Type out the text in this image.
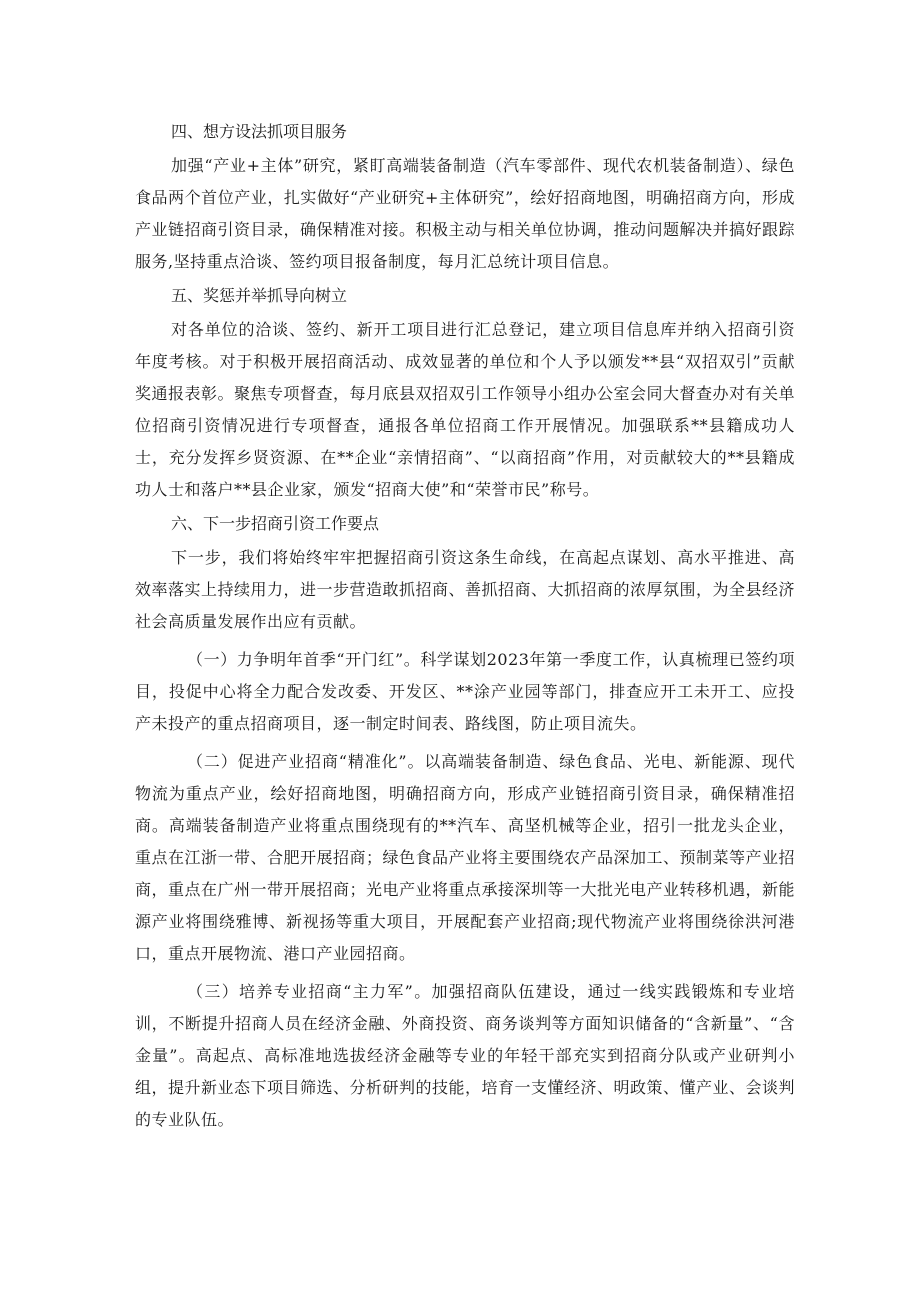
四、想方设法抓项目服务

加强“产业+主体”研究，紧盯高端装备制造（汽车零部件、现代农机装备制造）、绿色食品两个首位产业，扎实做好“产业研究+主体研究”，绘好招商地图，明确招商方向，形成产业链招商引资目录，确保精准对接。积极主动与相关单位协调，推动问题解决并搞好跟踪服务,坚持重点洽谈、签约项目报备制度，每月汇总统计项目信息。

五、奖惩并举抓导向树立

对各单位的洽谈、签约、新开工项目进行汇总登记，建立项目信息库并纳入招商引资年度考核。对于积极开展招商活动、成效显著的单位和个人予以颁发**县“双招双引”贡献奖通报表彰。聚焦专项督查，每月底县双招双引工作领导小组办公室会同大督查办对有关单位招商引资情况进行专项督查，通报各单位招商工作开展情况。加强联系**县籍成功人士，充分发挥乡贤资源、在**企业“亲情招商”、“以商招商”作用，对贡献较大的**县籍成功人士和落户**县企业家，颁发“招商大使”和“荣誉市民”称号。

六、下一步招商引资工作要点

下一步，我们将始终牢牢把握招商引资这条生命线，在高起点谋划、高水平推进、高效率落实上持续用力，进一步营造敢抓招商、善抓招商、大抓招商的浓厚氛围，为全县经济社会高质量发展作出应有贡献。

（一）力争明年首季“开门红”。科学谋划2023年第一季度工作，认真梳理已签约项目，投促中心将全力配合发改委、开发区、**涂产业园等部门，排查应开工未开工、应投产未投产的重点招商项目，逐一制定时间表、路线图，防止项目流失。

（二）促进产业招商“精准化”。以高端装备制造、绿色食品、光电、新能源、现代物流为重点产业，绘好招商地图，明确招商方向，形成产业链招商引资目录，确保精准招商。高端装备制造产业将重点围绕现有的**汽车、高坚机械等企业，招引一批龙头企业，重点在江浙一带、合肥开展招商；绿色食品产业将主要围绕农产品深加工、预制菜等产业招商，重点在广州一带开展招商；光电产业将重点承接深圳等一大批光电产业转移机遇，新能源产业将围绕雅博、新视扬等重大项目，开展配套产业招商;现代物流产业将围绕徐洪河港口，重点开展物流、港口产业园招商。

（三）培养专业招商“主力军”。加强招商队伍建设，通过一线实践锻炼和专业培训，不断提升招商人员在经济金融、外商投资、商务谈判等方面知识储备的“含新量”、“含金量”。高起点、高标准地选拔经济金融等专业的年轻干部充实到招商分队或产业研判小组，提升新业态下项目筛选、分析研判的技能，培育一支懂经济、明政策、懂产业、会谈判的专业队伍。
